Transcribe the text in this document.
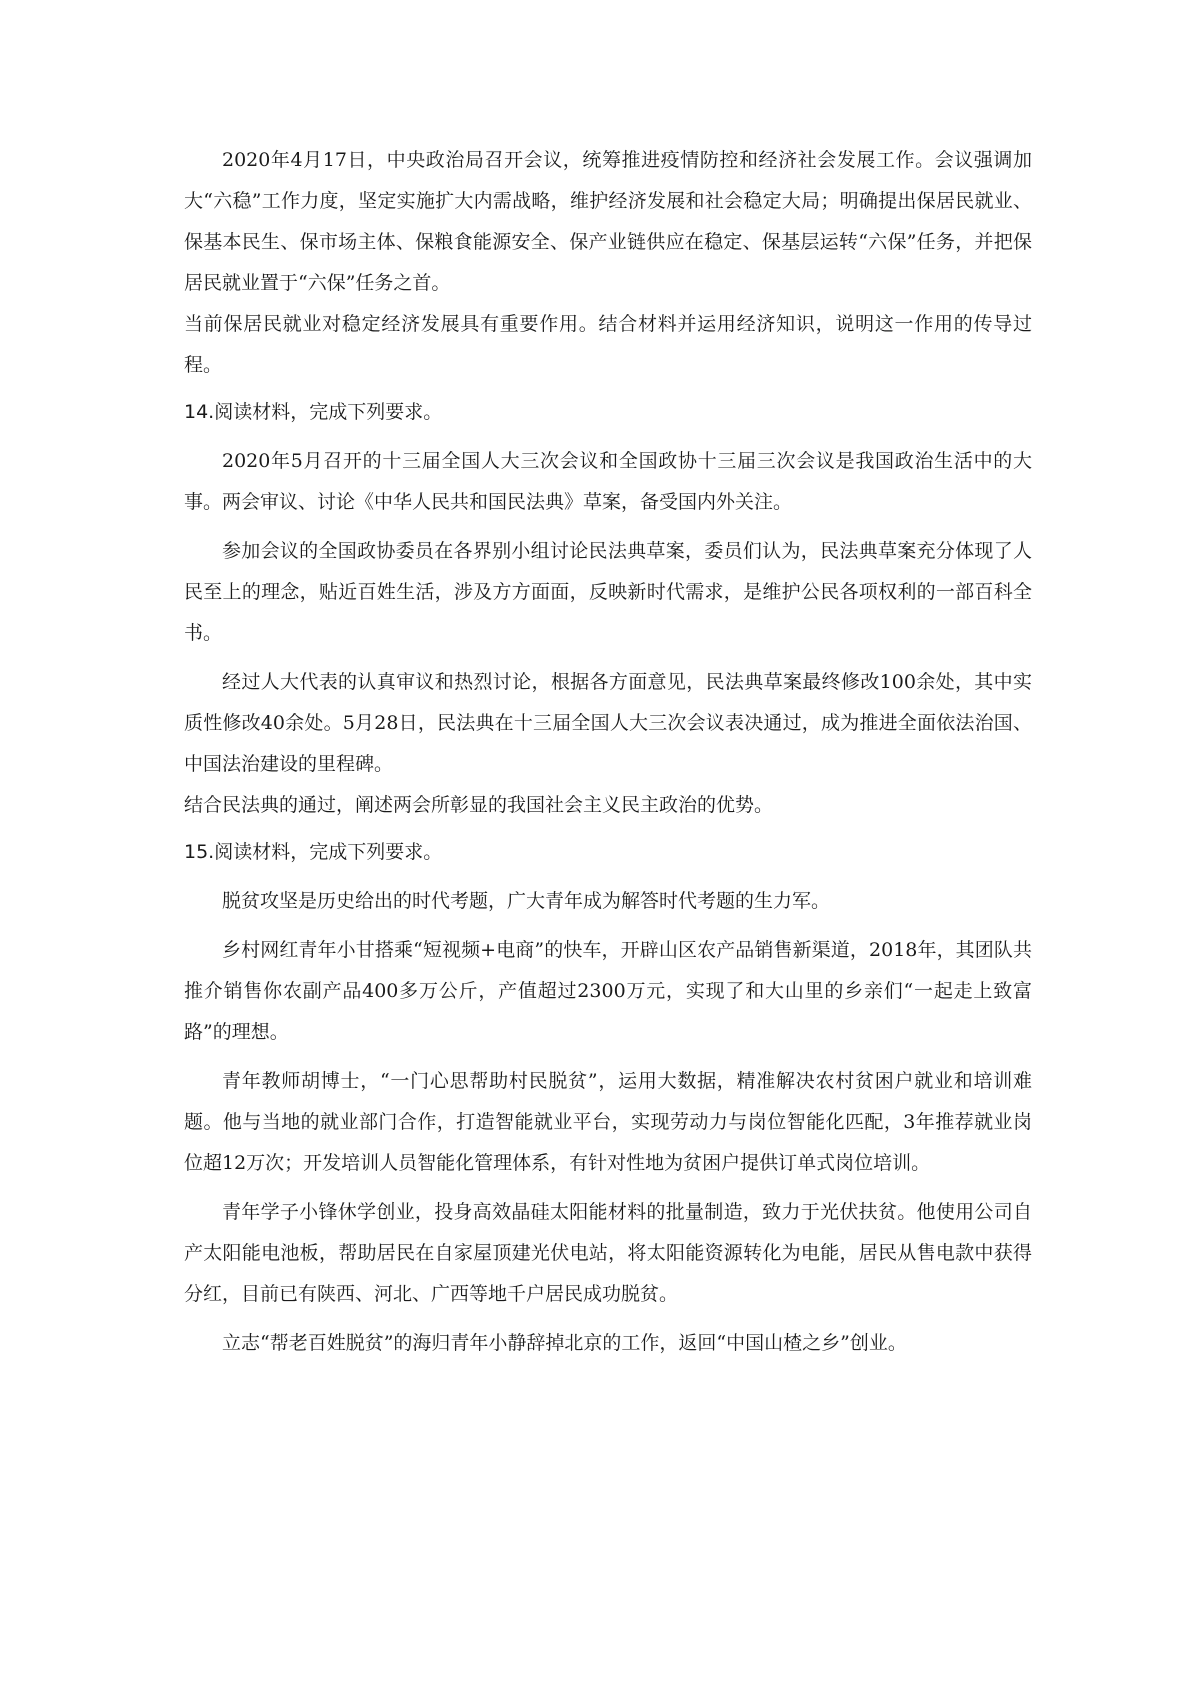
2020年4月17日，中央政治局召开会议，统筹推进疫情防控和经济社会发展工作。会议强调加大“六稳”工作力度，坚定实施扩大内需战略，维护经济发展和社会稳定大局；明确提出保居民就业、保基本民生、保市场主体、保粮食能源安全、保产业链供应在稳定、保基层运转“六保”任务，并把保居民就业置于“六保”任务之首。

当前保居民就业对稳定经济发展具有重要作用。结合材料并运用经济知识，说明这一作用的传导过程。

14.阅读材料，完成下列要求。

2020年5月召开的十三届全国人大三次会议和全国政协十三届三次会议是我国政治生活中的大事。两会审议、讨论《中华人民共和国民法典》草案，备受国内外关注。

参加会议的全国政协委员在各界别小组讨论民法典草案，委员们认为，民法典草案充分体现了人民至上的理念，贴近百姓生活，涉及方方面面，反映新时代需求，是维护公民各项权利的一部百科全书。

经过人大代表的认真审议和热烈讨论，根据各方面意见，民法典草案最终修改100余处，其中实质性修改40余处。5月28日，民法典在十三届全国人大三次会议表决通过，成为推进全面依法治国、中国法治建设的里程碑。

结合民法典的通过，阐述两会所彰显的我国社会主义民主政治的优势。

15.阅读材料，完成下列要求。

脱贫攻坚是历史给出的时代考题，广大青年成为解答时代考题的生力军。

乡村网红青年小甘搭乘“短视频+电商”的快车，开辟山区农产品销售新渠道，2018年，其团队共推介销售你农副产品400多万公斤，产值超过2300万元，实现了和大山里的乡亲们“一起走上致富路”的理想。

青年教师胡博士，“一门心思帮助村民脱贫”，运用大数据，精准解决农村贫困户就业和培训难题。他与当地的就业部门合作，打造智能就业平台，实现劳动力与岗位智能化匹配，3年推荐就业岗位超12万次；开发培训人员智能化管理体系，有针对性地为贫困户提供订单式岗位培训。

青年学子小锋休学创业，投身高效晶硅太阳能材料的批量制造，致力于光伏扶贫。他使用公司自产太阳能电池板，帮助居民在自家屋顶建光伏电站，将太阳能资源转化为电能，居民从售电款中获得分红，目前已有陕西、河北、广西等地千户居民成功脱贫。

立志“帮老百姓脱贫”的海归青年小静辞掉北京的工作，返回“中国山楂之乡”创业。
